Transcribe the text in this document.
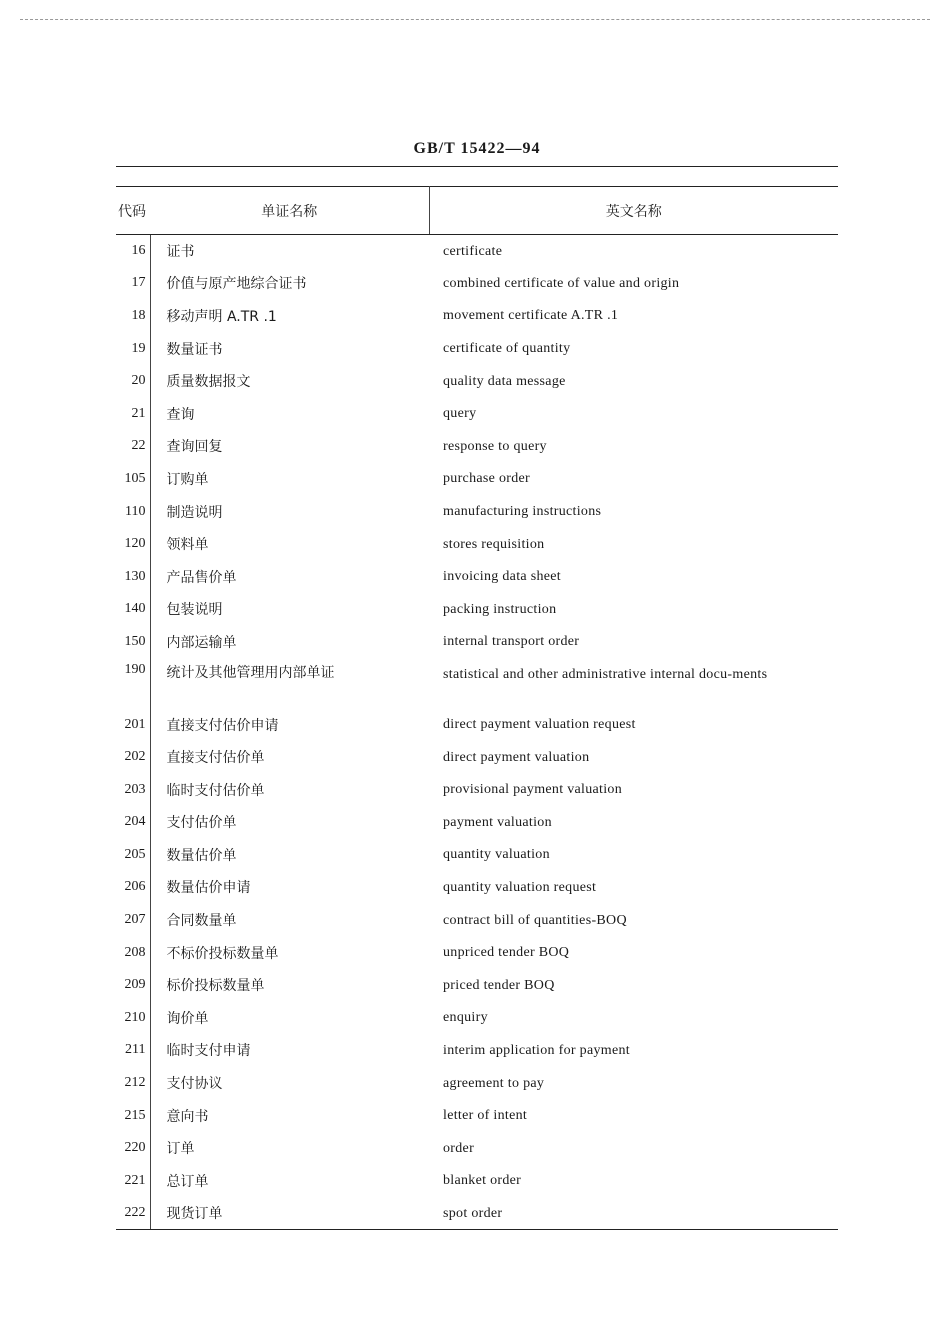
GB/T 15422—94
代码	单证名称	英文名称
16	证书	certificate
17	价值与原产地综合证书	combined certificate of value and origin
18	移动声明 A.TR .1	movement certificate A.TR .1
19	数量证书	certificate of quantity
20	质量数据报文	quality data message
21	查询	query
22	查询回复	response to query
105	订购单	purchase order
110	制造说明	manufacturing instructions
120	领料单	stores requisition
130	产品售价单	invoicing data sheet
140	包装说明	packing instruction
150	内部运输单	internal transport order
190	统计及其他管理用内部单证	statistical and other administrative internal docu-ments
201	直接支付估价申请	direct payment valuation request
202	直接支付估价单	direct payment valuation
203	临时支付估价单	provisional payment valuation
204	支付估价单	payment valuation
205	数量估价单	quantity valuation
206	数量估价申请	quantity valuation request
207	合同数量单	contract bill of quantities-BOQ
208	不标价投标数量单	unpriced tender BOQ
209	标价投标数量单	priced tender BOQ
210	询价单	enquiry
211	临时支付申请	interim application for payment
212	支付协议	agreement to pay
215	意向书	letter of intent
220	订单	order
221	总订单	blanket order
222	现货订单	spot order
